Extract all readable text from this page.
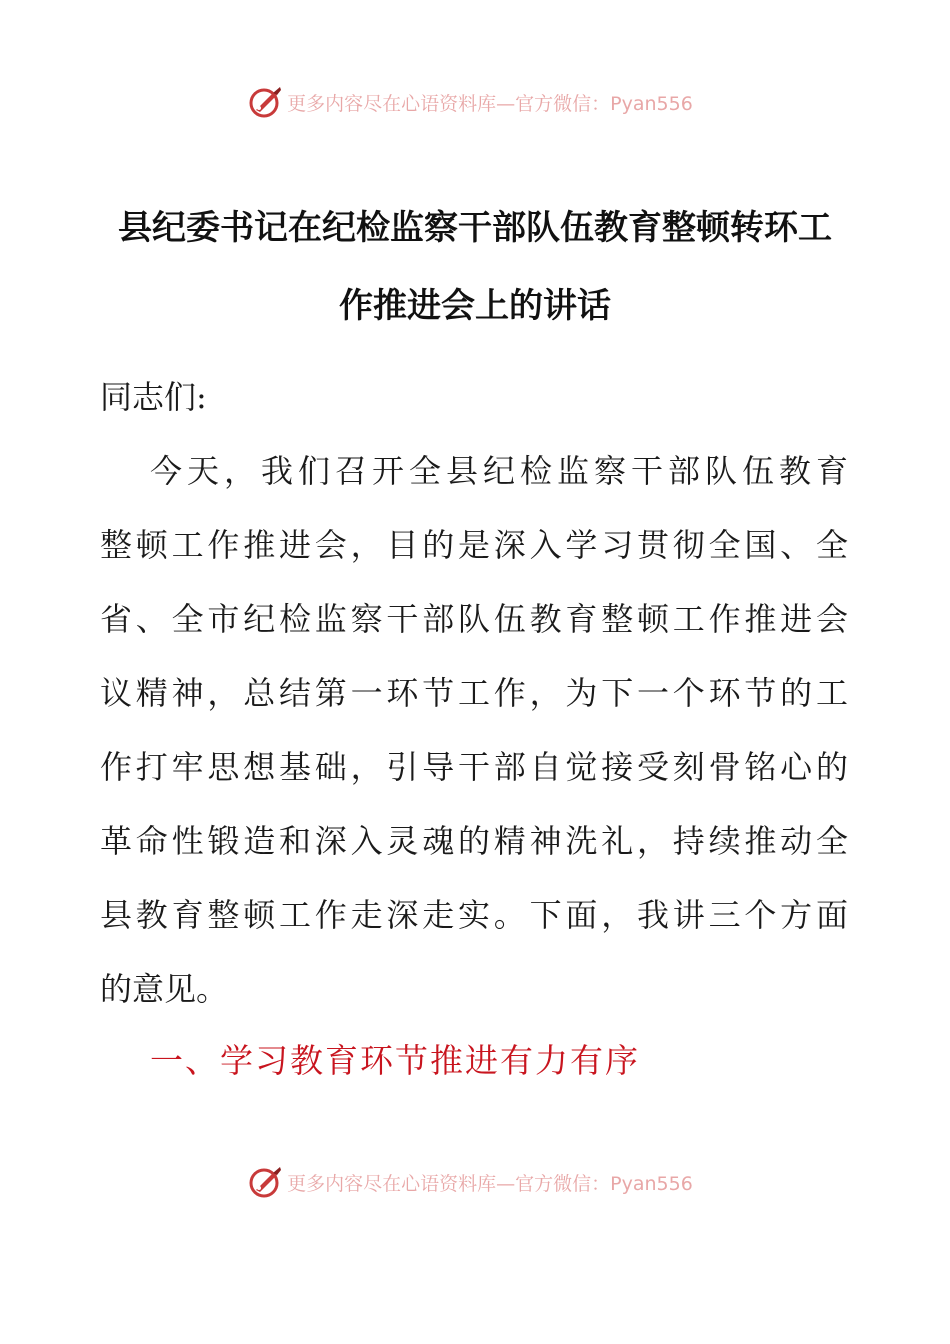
更多内容尽在心语资料库—官方微信：Pyan556
县纪委书记在纪检监察干部队伍教育整顿转环工
作推进会上的讲话
同志们:
今天，我们召开全县纪检监察干部队伍教育
整顿工作推进会，目的是深入学习贯彻全国、全
省、全市纪检监察干部队伍教育整顿工作推进会
议精神，总结第一环节工作，为下一个环节的工
作打牢思想基础，引导干部自觉接受刻骨铭心的
革命性锻造和深入灵魂的精神洗礼，持续推动全
县教育整顿工作走深走实。下面，我讲三个方面
的意见。
一、学习教育环节推进有力有序
更多内容尽在心语资料库—官方微信：Pyan556
